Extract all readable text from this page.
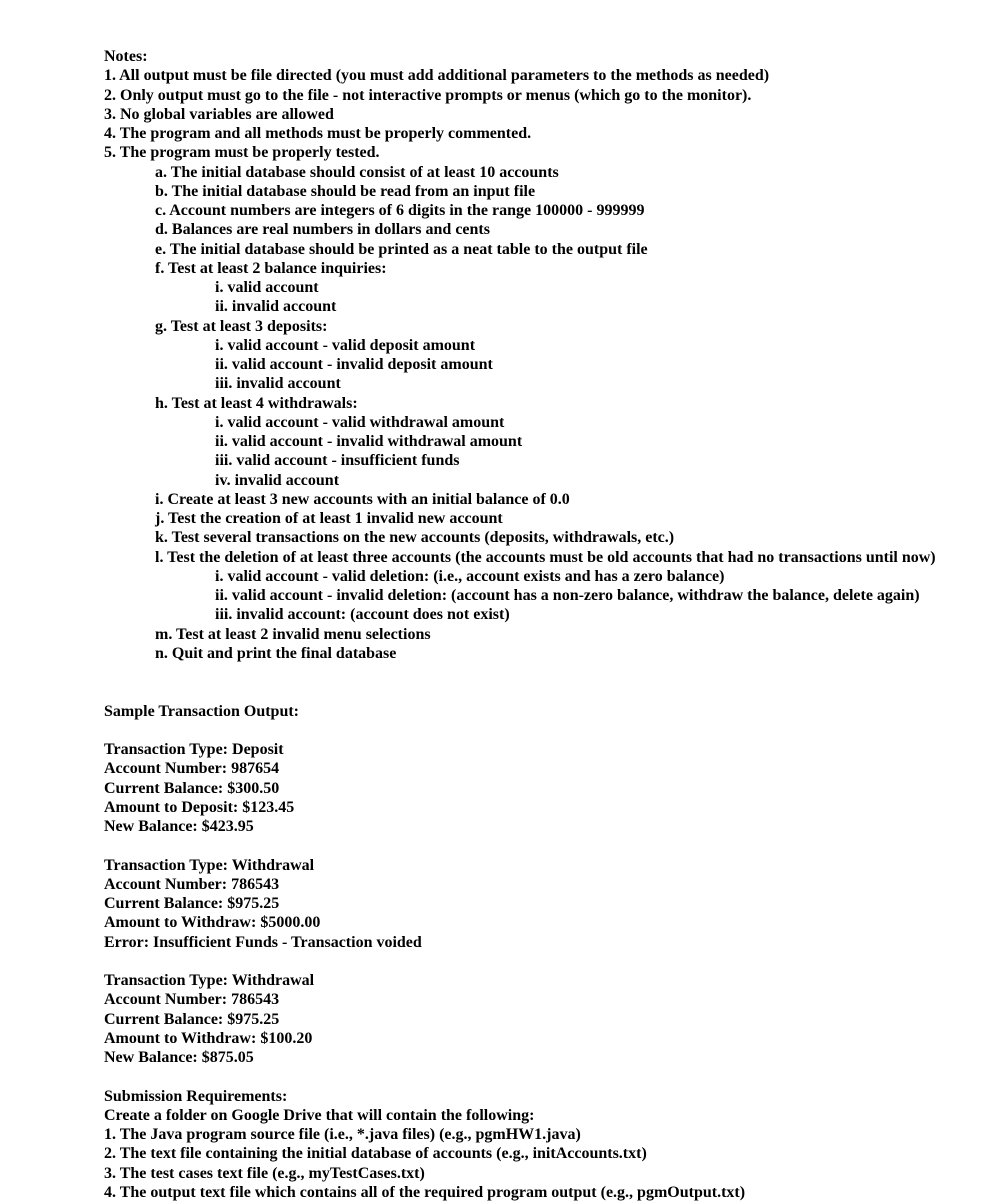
Notes:
1. All output must be file directed (you must add additional parameters to the methods as needed)
2. Only output must go to the file - not interactive prompts or menus (which go to the monitor).
3. No global variables are allowed
4. The program and all methods must be properly commented.
5. The program must be properly tested.
a. The initial database should consist of at least 10 accounts
b. The initial database should be read from an input file
c. Account numbers are integers of 6 digits in the range 100000 - 999999
d. Balances are real numbers in dollars and cents
e. The initial database should be printed as a neat table to the output file
f. Test at least 2 balance inquiries:
i. valid account
ii. invalid account
g. Test at least 3 deposits:
i. valid account - valid deposit amount
ii. valid account - invalid deposit amount
iii. invalid account
h. Test at least 4 withdrawals:
i. valid account - valid withdrawal amount
ii. valid account - invalid withdrawal amount
iii. valid account - insufficient funds
iv. invalid account
i. Create at least 3 new accounts with an initial balance of 0.0
j. Test the creation of at least 1 invalid new account
k. Test several transactions on the new accounts (deposits, withdrawals, etc.)
l. Test the deletion of at least three accounts (the accounts must be old accounts that had no transactions until now)
i. valid account - valid deletion: (i.e., account exists and has a zero balance)
ii. valid account - invalid deletion: (account has a non-zero balance, withdraw the balance, delete again)
iii. invalid account: (account does not exist)
m. Test at least 2 invalid menu selections
n. Quit and print the final database
Sample Transaction Output:
Transaction Type: Deposit
Account Number: 987654
Current Balance: $300.50
Amount to Deposit: $123.45
New Balance: $423.95
Transaction Type: Withdrawal
Account Number: 786543
Current Balance: $975.25
Amount to Withdraw: $5000.00
Error: Insufficient Funds - Transaction voided
Transaction Type: Withdrawal
Account Number: 786543
Current Balance: $975.25
Amount to Withdraw: $100.20
New Balance: $875.05
Submission Requirements:
Create a folder on Google Drive that will contain the following:
1. The Java program source file (i.e., *.java files) (e.g., pgmHW1.java)
2. The text file containing the initial database of accounts (e.g., initAccounts.txt)
3. The test cases text file (e.g., myTestCases.txt)
4. The output text file which contains all of the required program output (e.g., pgmOutput.txt)
